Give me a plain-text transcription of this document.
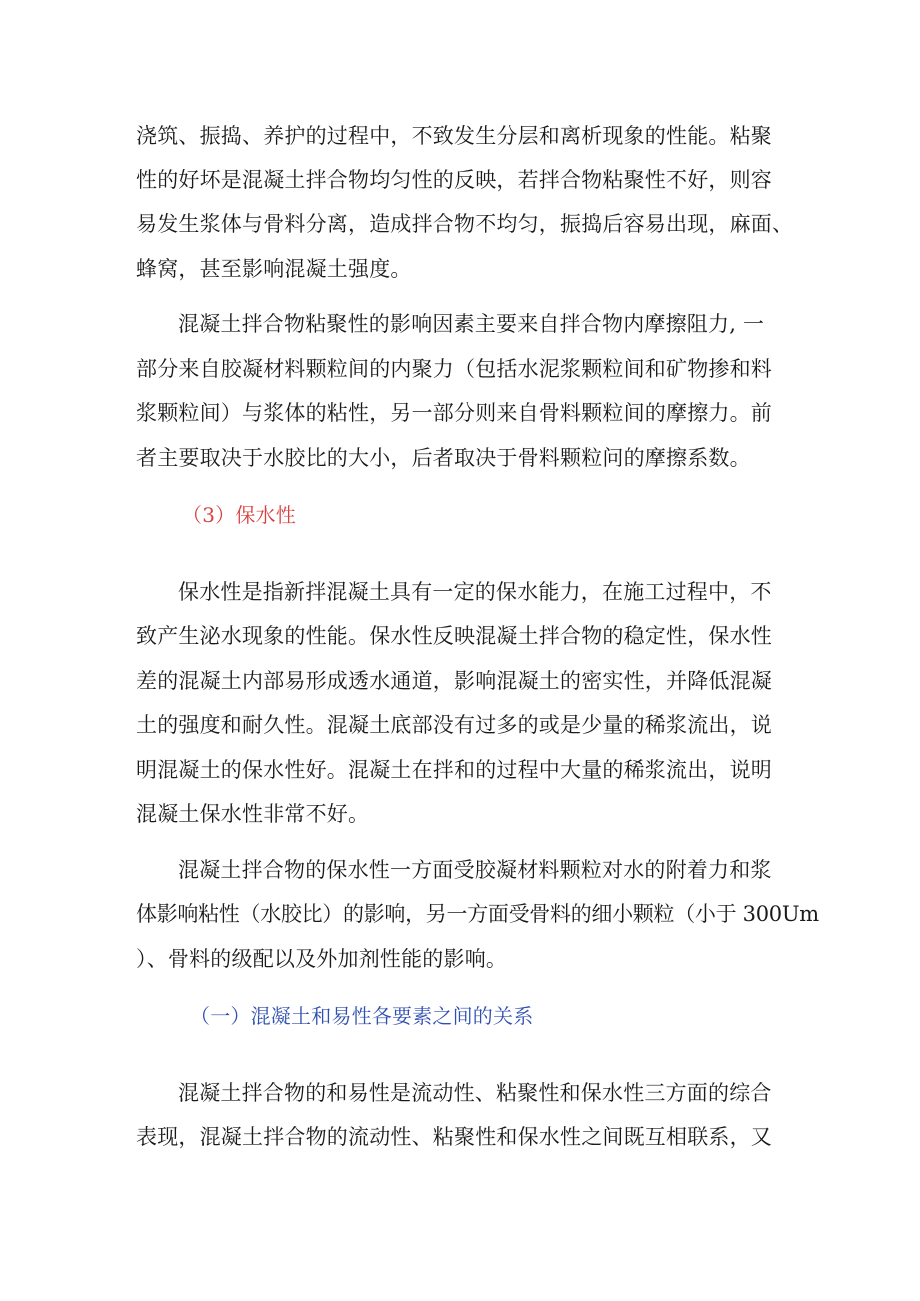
浇筑、振捣、养护的过程中，不致发生分层和离析现象的性能。粘聚
性的好坏是混凝土拌合物均匀性的反映，若拌合物粘聚性不好，则容
易发生浆体与骨料分离，造成拌合物不均匀，振捣后容易出现，麻面、
蜂窝，甚至影响混凝土强度。
混凝土拌合物粘聚性的影响因素主要来自拌合物内摩擦阻力, 一
部分来自胶凝材料颗粒间的内聚力（包括水泥浆颗粒间和矿物掺和料
浆颗粒间）与浆体的粘性，另一部分则来自骨料颗粒间的摩擦力。前
者主要取决于水胶比的大小，后者取决于骨料颗粒问的摩擦系数。
（3）保水性
保水性是指新拌混凝土具有一定的保水能力，在施工过程中，不
致产生泌水现象的性能。保水性反映混凝土拌合物的稳定性，保水性
差的混凝土内部易形成透水通道，影响混凝土的密实性，并降低混凝
土的强度和耐久性。混凝土底部没有过多的或是少量的稀浆流出，说
明混凝土的保水性好。混凝土在拌和的过程中大量的稀浆流出，说明
混凝土保水性非常不好。
混凝土拌合物的保水性一方面受胶凝材料颗粒对水的附着力和浆
体影响粘性（水胶比）的影响，另一方面受骨料的细小颗粒（小于 300Um
）、骨料的级配以及外加剂性能的影响。
（一）混凝土和易性各要素之间的关系
混凝土拌合物的和易性是流动性、粘聚性和保水性三方面的综合
表现，混凝土拌合物的流动性、粘聚性和保水性之间既互相联系，又
